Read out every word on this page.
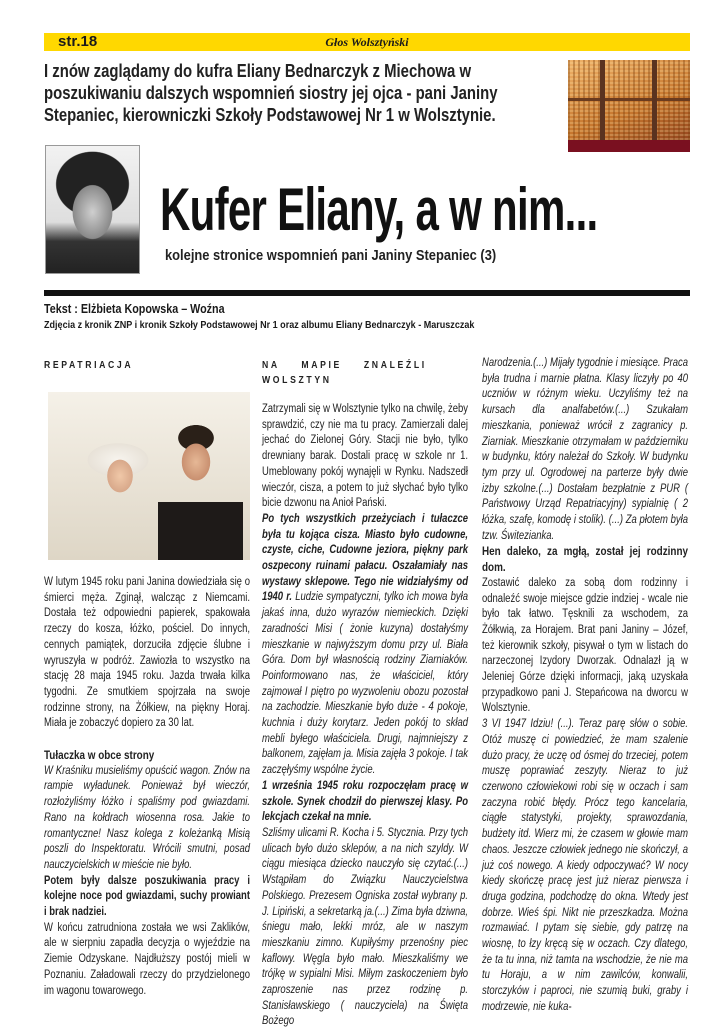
str.18	Głos Wolsztyński
I znów zaglądamy do kufra Eliany Bednarczyk z Miechowa w poszukiwaniu dalszych wspomnień siostry jej ojca - pani Janiny Stepaniec, kierowniczki Szkoły Podstawowej Nr 1 w Wolsztynie.
Kufer Eliany, a w nim...
kolejne stronice wspomnień pani Janiny Stepaniec (3)
Tekst : Elżbieta Kopowska – Woźna
Zdjęcia z kronik ZNP i kronik Szkoły Podstawowej Nr 1 oraz albumu Eliany Bednarczyk - Maruszczak
REPATRIACJA

W lutym 1945 roku pani Janina dowiedziała się o śmierci męża. Zginął, walcząc z Niemcami. Dostała też odpowiedni papierek, spakowała rzeczy do kosza, łóżko, pościel. Do innych, cennych pamiątek, dorzuciła zdjęcie ślubne i wyruszyła w podróż. Zawiozła to wszystko na stację 28 maja 1945 roku. Jazda trwała kilka tygodni. Ze smutkiem spojrzała na swoje rodzinne strony, na Żółkiew, na piękny Horaj. Miała je zobaczyć dopiero za 30 lat.

Tułaczka w obce strony

W Kraśniku musieliśmy opuścić wagon. Znów na rampie wyładunek. Ponieważ był wieczór, rozłożyliśmy łóżko i spaliśmy pod gwiazdami. Rano na kołdrach wiosenna rosa. Jakie to romantyczne! Nasz kolega z koleżanką Misią poszli do Inspektoratu. Wrócili smutni, posad nauczycielskich w mieście nie było.

Potem były dalsze poszukiwania pracy i kolejne noce pod gwiazdami, suchy prowiant i brak nadziei.

W końcu zatrudniona została we wsi Zaklików, ale w sierpniu zapadła decyzja o wyjeździe na Ziemie Odzyskane. Najdłuższy postój mieli w Poznaniu. Załadowali rzeczy do przydzielonego im wagonu towarowego.

NA MAPIE ZNALEŹLI WOLSZTYN

Zatrzymali się w Wolsztynie tylko na chwilę, żeby sprawdzić, czy nie ma tu pracy. Zamierzali dalej jechać do Zielonej Góry. Stacji nie było, tylko drewniany barak. Dostali pracę w szkole nr 1. Umeblowany pokój wynajęli w Rynku. Nadszedł wieczór, cisza, a potem to już słychać było tylko bicie dzwonu na Anioł Pański.

Po tych wszystkich przeżyciach i tułaczce była tu kojąca cisza. Miasto było cudowne, czyste, ciche, Cudowne jeziora, piękny park oszpecony ruinami pałacu. Oszałamiały nas wystawy sklepowe. Tego nie widziałyśmy od 1940 r. Ludzie sympatyczni, tylko ich mowa była jakaś inna, dużo wyrazów niemieckich. Dzięki zaradności Misi ( żonie kuzyna) dostałyśmy mieszkanie w najwyższym domu przy ul. Biała Góra. Dom był własnością rodziny Ziarniaków. Poinformowano nas, że właściciel, który zajmował I piętro po wyzwoleniu obozu pozostał na zachodzie. Mieszkanie było duże - 4 pokoje, kuchnia i duży korytarz. Jeden pokój to skład mebli byłego właściciela. Drugi, najmniejszy z balkonem, zajęłam ja. Misia zajęła 3 pokoje. I tak zaczęłyśmy wspólne życie.

1 września 1945 roku rozpoczęłam pracę w szkole. Synek chodził do pierwszej klasy. Po lekcjach czekał na mnie.

Szliśmy ulicami R. Kocha i 5. Stycznia. Przy tych ulicach było dużo sklepów, a na nich szyldy. W ciągu miesiąca dziecko nauczyło się czytać.(...) Wstąpiłam do Związku Nauczycielstwa Polskiego. Prezesem Ogniska został wybrany p. J. Lipiński, a sekretarką ja.(...) Zima była dziwna, śniegu mało, lekki mróz, ale w naszym mieszkaniu zimno. Kupiłyśmy przenośny piec kaflowy. Węgla było mało. Mieszkaliśmy we trójkę w sypialni Misi. Miłym zaskoczeniem było zaproszenie nas przez rodzinę p. Stanisławskiego ( nauczyciela) na Święta Bożego

Narodzenia.(...) Mijały tygodnie i miesiące. Praca była trudna i marnie płatna. Klasy liczyły po 40 uczniów w różnym wieku. Uczyliśmy też na kursach dla analfabetów.(...) Szukałam mieszkania, ponieważ wrócił z zagranicy p. Ziarniak. Mieszkanie otrzymałam w październiku w budynku, który należał do Szkoły. W budynku tym przy ul. Ogrodowej na parterze były dwie izby szkolne.(...) Dostałam bezpłatnie z PUR ( Państwowy Urząd Repatriacyjny) sypialnię ( 2 łóżka, szafę, komodę i stolik). (...) Za płotem była tzw. Świtezianka.

Hen daleko, za mgłą, został jej rodzinny dom.

Zostawić daleko za sobą dom rodzinny i odnaleźć swoje miejsce gdzie indziej - wcale nie było tak łatwo. Tęsknili za wschodem, za Żółkwią, za Horajem. Brat pani Janiny – Józef, też kierownik szkoły, pisywał o tym w listach do narzeczonej Izydory Dworzak. Odnalazł ją w Jeleniej Górze dzięki informacji, jaką uzyskała przypadkowo pani J. Stepańcowa na dworcu w Wolsztynie.

3 VI 1947 Idziu! (...). Teraz parę słów o sobie. Otóż muszę ci powiedzieć, że mam szalenie dużo pracy, że uczę od ósmej do trzeciej, potem muszę poprawiać zeszyty. Nieraz to już czerwono człowiekowi robi się w oczach i sam zaczyna robić błędy. Prócz tego kancelaria, ciągłe statystyki, projekty, sprawozdania, budżety itd. Wierz mi, że czasem w głowie mam chaos. Jeszcze człowiek jednego nie skończył, a już coś nowego. A kiedy odpoczywać? W nocy kiedy skończę pracę jest już nieraz pierwsza i druga godzina, podchodzę do okna. Wtedy jest dobrze. Wieś śpi. Nikt nie przeszkadza. Można rozmawiać. I pytam się siebie, gdy patrzę na wiosnę, to łzy kręcą się w oczach. Czy dlatego, że ta tu inna, niż tamta na wschodzie, że nie ma tu Horaju, a w nim zawilców, konwalii, storczyków i paproci, nie szumią buki, graby i modrzewie, nie kuka-
